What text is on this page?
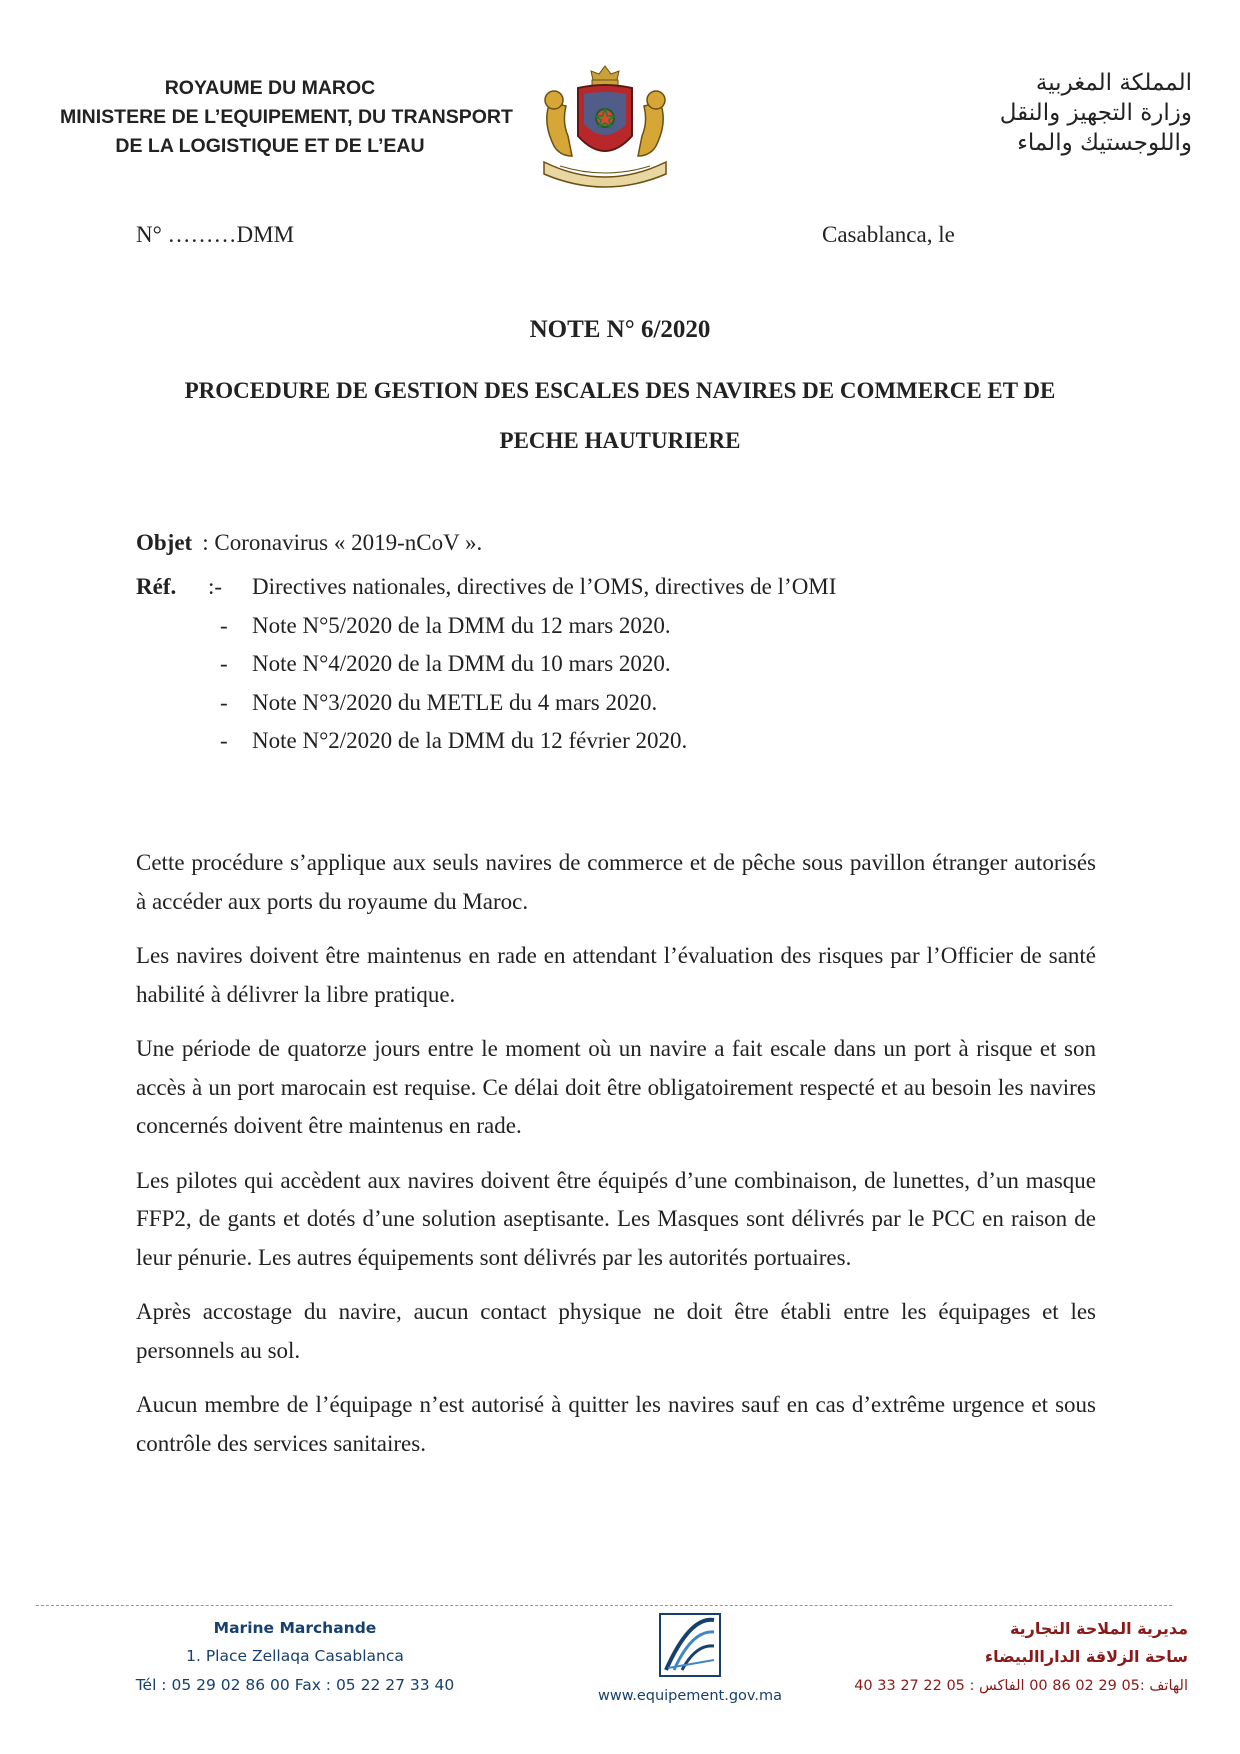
ROYAUME DU MAROC
MINISTERE DE L’EQUIPEMENT, DU TRANSPORT
DE LA LOGISTIQUE ET DE L’EAU
المملكة المغربية
وزارة التجهيز والنقل
واللوجستيك والماء
N° ………DMM	Casablanca, le
NOTE N° 6/2020
PROCEDURE DE GESTION DES ESCALES DES NAVIRES DE COMMERCE ET DE
PECHE HAUTURIERE
Objet : Coronavirus « 2019-nCoV ».
Réf. :- Directives nationales, directives de l’OMS, directives de l’OMI
- Note N°5/2020 de la DMM du 12 mars 2020.
- Note N°4/2020 de la DMM du 10 mars 2020.
- Note N°3/2020 du METLE du 4 mars 2020.
- Note N°2/2020 de la DMM du 12 février 2020.

Cette procédure s’applique aux seuls navires de commerce et de pêche sous pavillon étranger autorisés à accéder aux ports du royaume du Maroc.

Les navires doivent être maintenus en rade en attendant l’évaluation des risques par l’Officier de santé habilité à délivrer la libre pratique.

Une période de quatorze jours entre le moment où un navire a fait escale dans un port à risque et son accès à un port marocain est requise. Ce délai doit être obligatoirement respecté et au besoin les navires concernés doivent être maintenus en rade.

Les pilotes qui accèdent aux navires doivent être équipés d’une combinaison, de lunettes, d’un masque FFP2, de gants et dotés d’une solution aseptisante. Les Masques sont délivrés par le PCC en raison de leur pénurie. Les autres équipements sont délivrés par les autorités portuaires.

Après accostage du navire, aucun contact physique ne doit être établi entre les équipages et les personnels au sol.

Aucun membre de l’équipage n’est autorisé à quitter les navires sauf en cas d’extrême urgence et sous contrôle des services sanitaires.

Marine Marchande
1. Place Zellaqa Casablanca
Tél : 05 29 02 86 00 Fax : 05 22 27 33 40
www.equipement.gov.ma
مديرية الملاحة التجارية
ساحة الزلاقة الداراالبيضاء
الهاتف :05 29 02 86 00 الفاكس : 05 22 27 33 40
